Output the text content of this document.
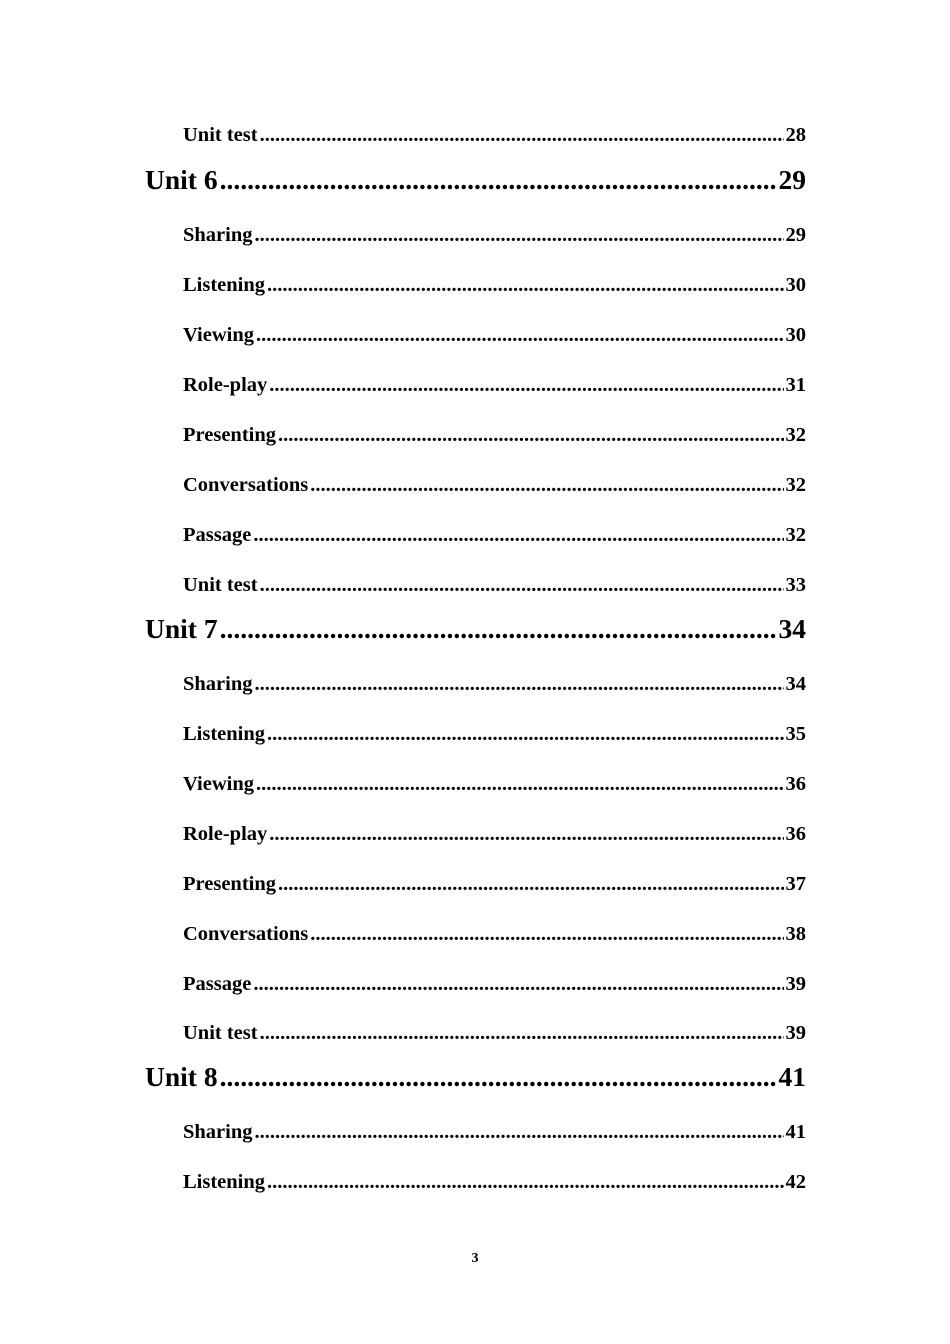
Unit test .....	28
Unit 6 .....	29
Sharing .....	29
Listening .....	30
Viewing .....	30
Role-play .....	31
Presenting .....	32
Conversations .....	32
Passage .....	32
Unit test .....	33
Unit 7 .....	34
Sharing .....	34
Listening .....	35
Viewing .....	36
Role-play .....	36
Presenting .....	37
Conversations .....	38
Passage .....	39
Unit test .....	39
Unit 8 .....	41
Sharing .....	41
Listening .....	42
3
